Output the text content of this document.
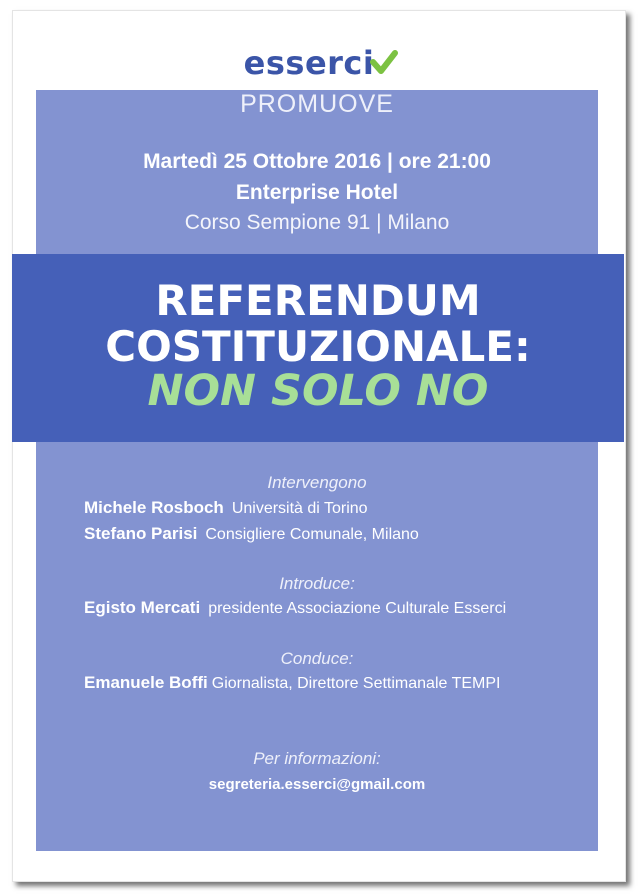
esserci
PROMUOVE
Martedì 25 Ottobre 2016 | ore 21:00
Enterprise Hotel
Corso Sempione 91 | Milano
REFERENDUM
COSTITUZIONALE:
NON SOLO NO
Intervengono
Michele Rosboch Università di Torino
Stefano Parisi Consigliere Comunale, Milano
Introduce:
Egisto Mercati presidente Associazione Culturale Esserci
Conduce:
Emanuele Boffi Giornalista, Direttore Settimanale TEMPI
Per informazioni:
segreteria.esserci@gmail.com
